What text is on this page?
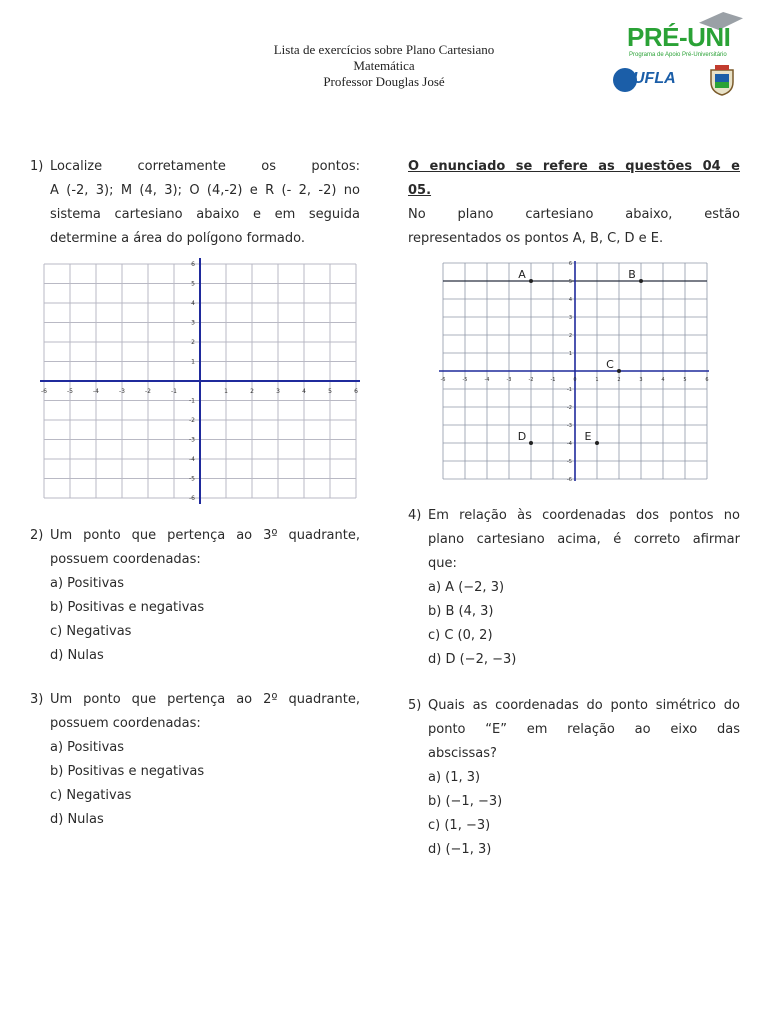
Lista de exercícios sobre Plano Cartesiano
Matemática
Professor Douglas José
PRÉ-UNI
Programa de Apoio Pré-Universitário
UFLA
1) Localize corretamente os pontos:
A (-2, 3); M (4, 3); O (4,-2) e R (- 2, -2) no
sistema cartesiano abaixo e em seguida
determine a área do polígono formado.
-6	-5	-4	-3	-2	-1	1	2	3	4	5	6
6
5
4
3
2
1
-1
-2
-3
-4
-5
-6
2) Um ponto que pertença ao 3º quadrante,
possuem coordenadas:
a) Positivas
b) Positivas e negativas
c) Negativas
d) Nulas
3) Um ponto que pertença ao 2º quadrante,
possuem coordenadas:
a) Positivas
b) Positivas e negativas
c) Negativas
d) Nulas
O enunciado se refere as questões 04 e
05.
No plano cartesiano abaixo, estão
representados os pontos A, B, C, D e E.
-6	-5	-4	-3	-2	-1	0	1	2	3	4	5	6
6
5
4
3
2
1
-1
-2
-3
-4
-5
-6
A	B
C
D	E
4) Em relação às coordenadas dos pontos no
plano cartesiano acima, é correto afirmar
que:
a) A (−2, 3)
b) B (4, 3)
c) C (0, 2)
d) D (−2, −3)
5) Quais as coordenadas do ponto simétrico do
ponto “E” em relação ao eixo das
abscissas?
a) (1, 3)
b) (−1, −3)
c) (1, −3)
d) (−1, 3)
